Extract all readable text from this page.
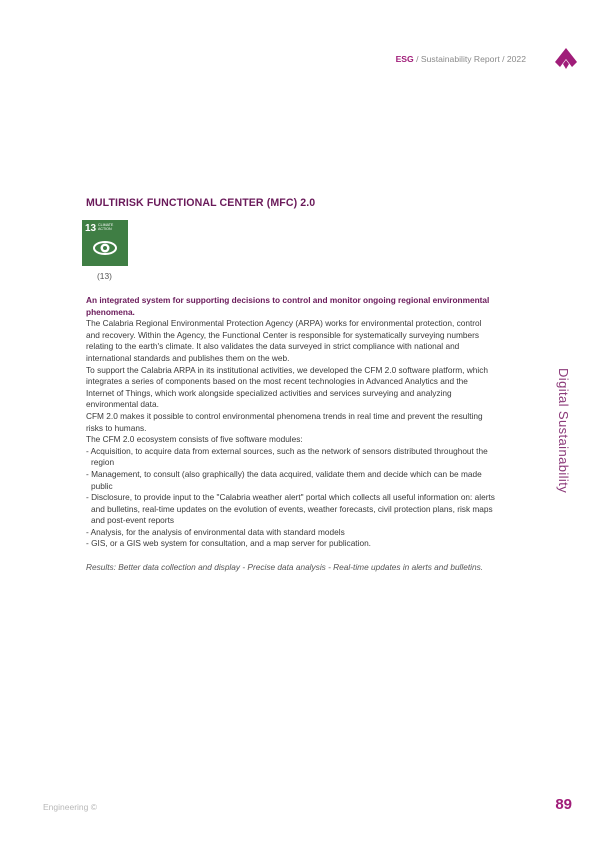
ESG / Sustainability Report / 2022
MULTIRISK FUNCTIONAL CENTER (MFC) 2.0
13 CLIMATE ACTION
(13)

An integrated system for supporting decisions to control and monitor ongoing regional environmental phenomena.

The Calabria Regional Environmental Protection Agency (ARPA) works for environmental protection, control and recovery. Within the Agency, the Functional Center is responsible for systematically surveying numbers relating to the earth's climate. It also validates the data surveyed in strict compliance with national and international standards and publishes them on the web.

To support the Calabria ARPA in its institutional activities, we developed the CFM 2.0 software platform, which integrates a series of components based on the most recent technologies in Advanced Analytics and the Internet of Things, which work alongside specialized activities and services surveying and analyzing environmental data.

CFM 2.0 makes it possible to control environmental phenomena trends in real time and prevent the resulting risks to humans.

The CFM 2.0 ecosystem consists of five software modules:

- Acquisition, to acquire data from external sources, such as the network of sensors distributed throughout the region

- Management, to consult (also graphically) the data acquired, validate them and decide which can be made public

- Disclosure, to provide input to the "Calabria weather alert" portal which collects all useful information on: alerts and bulletins, real-time updates on the evolution of events, weather forecasts, civil protection plans, risk maps and post-event reports

- Analysis, for the analysis of environmental data with standard models

- GIS, or a GIS web system for consultation, and a map server for publication.

Results: Better data collection and display - Precise data analysis - Real-time updates in alerts and bulletins.

Digital Sustainability
Engineering ©	89
